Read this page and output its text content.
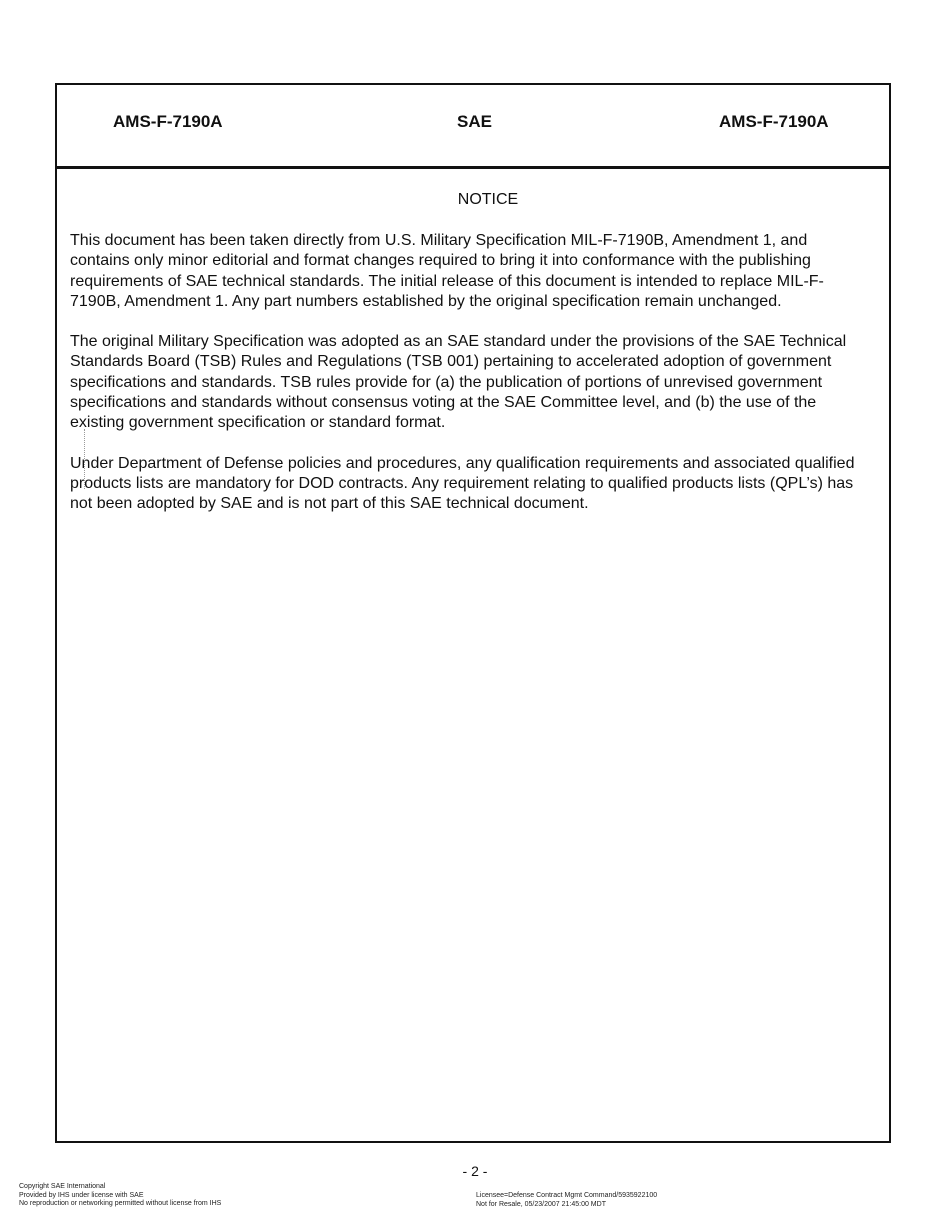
AMS-F-7190A	SAE	AMS-F-7190A
NOTICE

This document has been taken directly from U.S. Military Specification MIL-F-7190B, Amendment 1, and contains only minor editorial and format changes required to bring it into conformance with the publishing requirements of SAE technical standards. The initial release of this document is intended to replace MIL-F-7190B, Amendment 1. Any part numbers established by the original specification remain unchanged.

The original Military Specification was adopted as an SAE standard under the provisions of the SAE Technical Standards Board (TSB) Rules and Regulations (TSB 001) pertaining to accelerated adoption of government specifications and standards. TSB rules provide for (a) the publication of portions of unrevised government specifications and standards without consensus voting at the SAE Committee level, and (b) the use of the existing government specification or standard format.

Under Department of Defense policies and procedures, any qualification requirements and associated qualified products lists are mandatory for DOD contracts. Any requirement relating to qualified products lists (QPL’s) has not been adopted by SAE and is not part of this SAE technical document.

- 2 -
Copyright SAE International
Provided by IHS under license with SAE
No reproduction or networking permitted without license from IHS
Licensee=Defense Contract Mgmt Command/5935922100
Not for Resale, 05/23/2007 21:45:00 MDT
